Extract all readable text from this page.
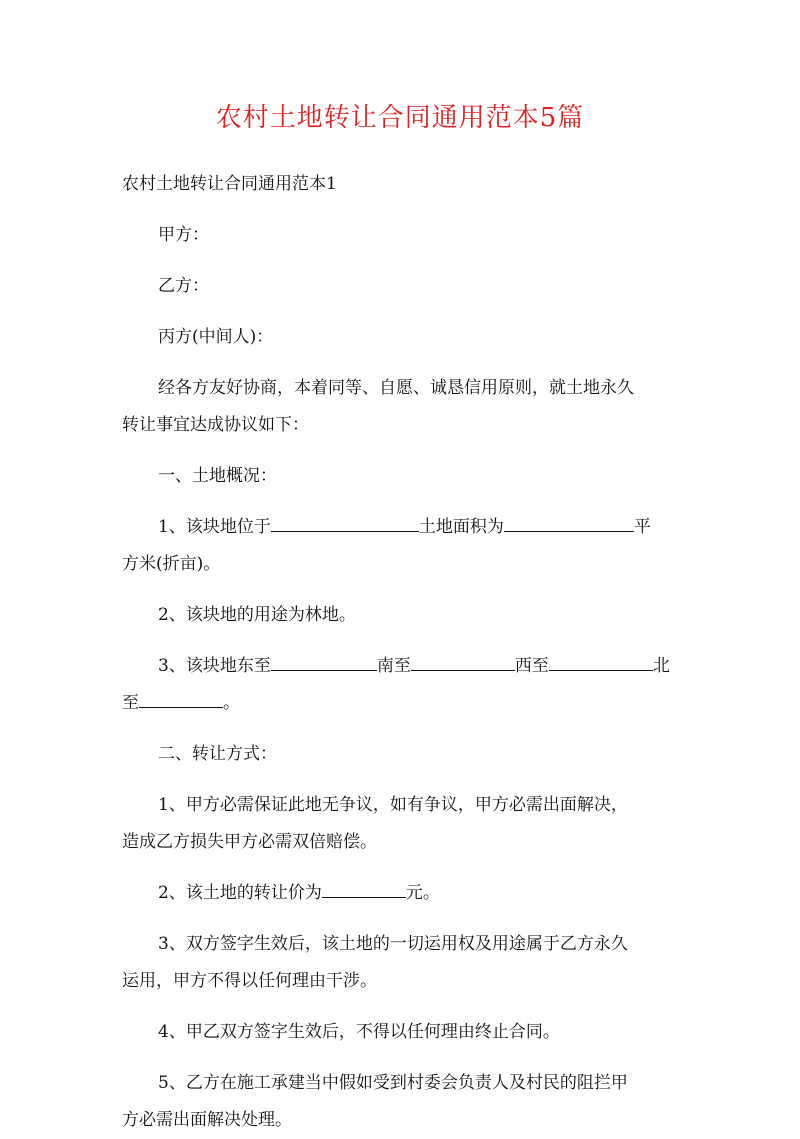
农村土地转让合同通用范本5篇

农村土地转让合同通用范本1

甲方：

乙方：

丙方(中间人)：

经各方友好协商，本着同等、自愿、诚恳信用原则，就土地永久

转让事宜达成协议如下：

一、土地概况：

1、该块地位于	土地面积为	平

方米(折亩)。

2、该块地的用途为林地。

3、该块地东至	南至	西至	北

至	。

二、转让方式：

1、甲方必需保证此地无争议，如有争议，甲方必需出面解决，

造成乙方损失甲方必需双倍赔偿。

2、该土地的转让价为	元。

3、双方签字生效后，该土地的一切运用权及用途属于乙方永久

运用，甲方不得以任何理由干涉。

4、甲乙双方签字生效后，不得以任何理由终止合同。

5、乙方在施工承建当中假如受到村委会负责人及村民的阻拦甲

方必需出面解决处理。
